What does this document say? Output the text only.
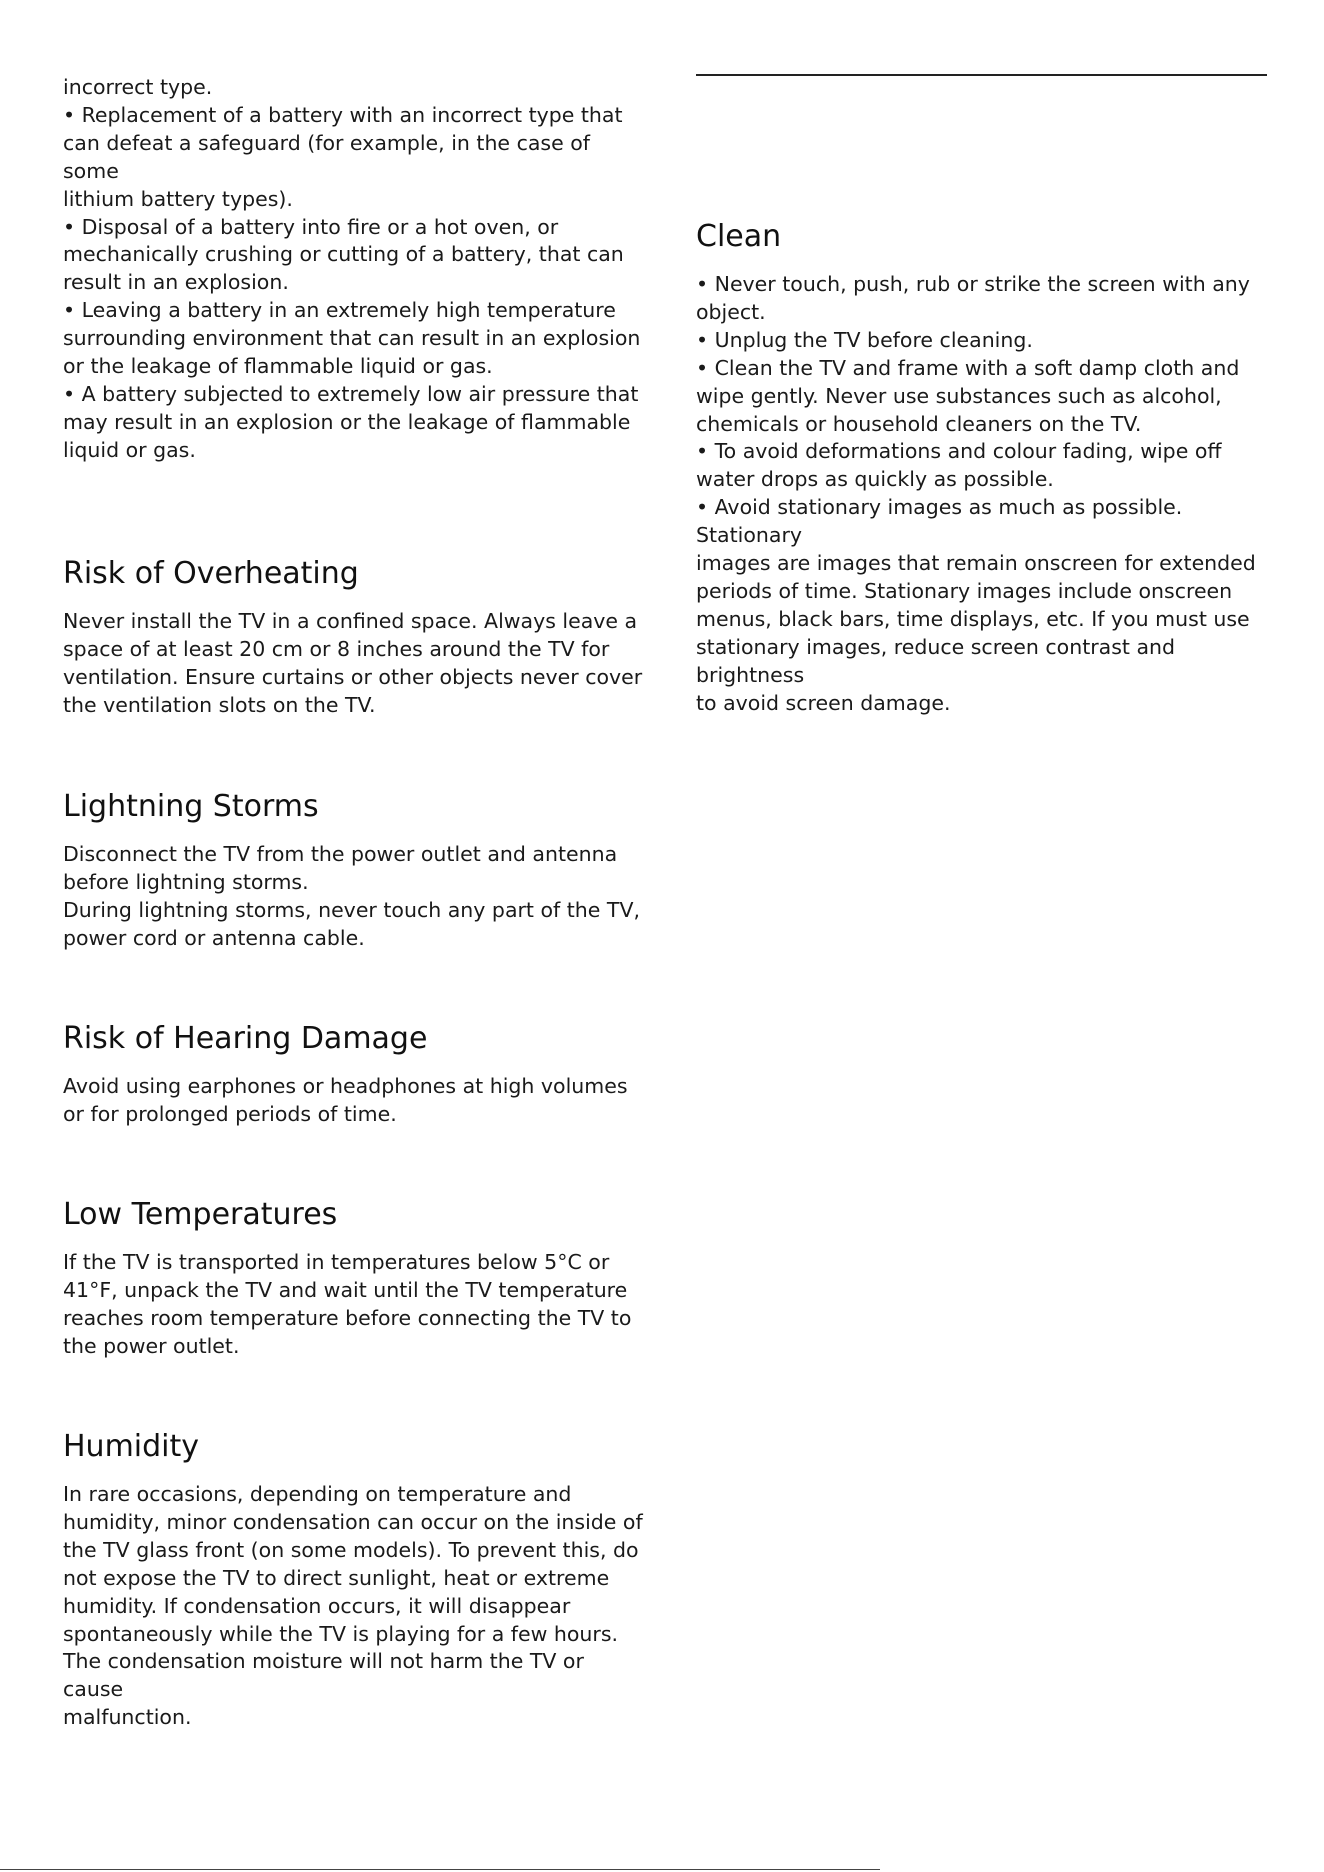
incorrect type.
• Replacement of a battery with an incorrect type that
can defeat a safeguard (for example, in the case of some
lithium battery types).
• Disposal of a battery into fire or a hot oven, or
mechanically crushing or cutting of a battery, that can
result in an explosion.
• Leaving a battery in an extremely high temperature
surrounding environment that can result in an explosion
or the leakage of flammable liquid or gas.
• A battery subjected to extremely low air pressure that
may result in an explosion or the leakage of flammable
liquid or gas.

Risk of Overheating

Never install the TV in a confined space. Always leave a
space of at least 20 cm or 8 inches around the TV for
ventilation. Ensure curtains or other objects never cover
the ventilation slots on the TV.

Lightning Storms

Disconnect the TV from the power outlet and antenna
before lightning storms.
During lightning storms, never touch any part of the TV,
power cord or antenna cable.

Risk of Hearing Damage

Avoid using earphones or headphones at high volumes
or for prolonged periods of time.

Low Temperatures

If the TV is transported in temperatures below 5°C or
41°F, unpack the TV and wait until the TV temperature
reaches room temperature before connecting the TV to
the power outlet.

Humidity

In rare occasions, depending on temperature and
humidity, minor condensation can occur on the inside of
the TV glass front (on some models). To prevent this, do
not expose the TV to direct sunlight, heat or extreme
humidity. If condensation occurs, it will disappear
spontaneously while the TV is playing for a few hours.
The condensation moisture will not harm the TV or cause
malfunction.

Clean

• Never touch, push, rub or strike the screen with any
object.
• Unplug the TV before cleaning.
• Clean the TV and frame with a soft damp cloth and
wipe gently. Never use substances such as alcohol,
chemicals or household cleaners on the TV.
• To avoid deformations and colour fading, wipe off
water drops as quickly as possible.
• Avoid stationary images as much as possible. Stationary
images are images that remain onscreen for extended
periods of time. Stationary images include onscreen
menus, black bars, time displays, etc. If you must use
stationary images, reduce screen contrast and brightness
to avoid screen damage.
